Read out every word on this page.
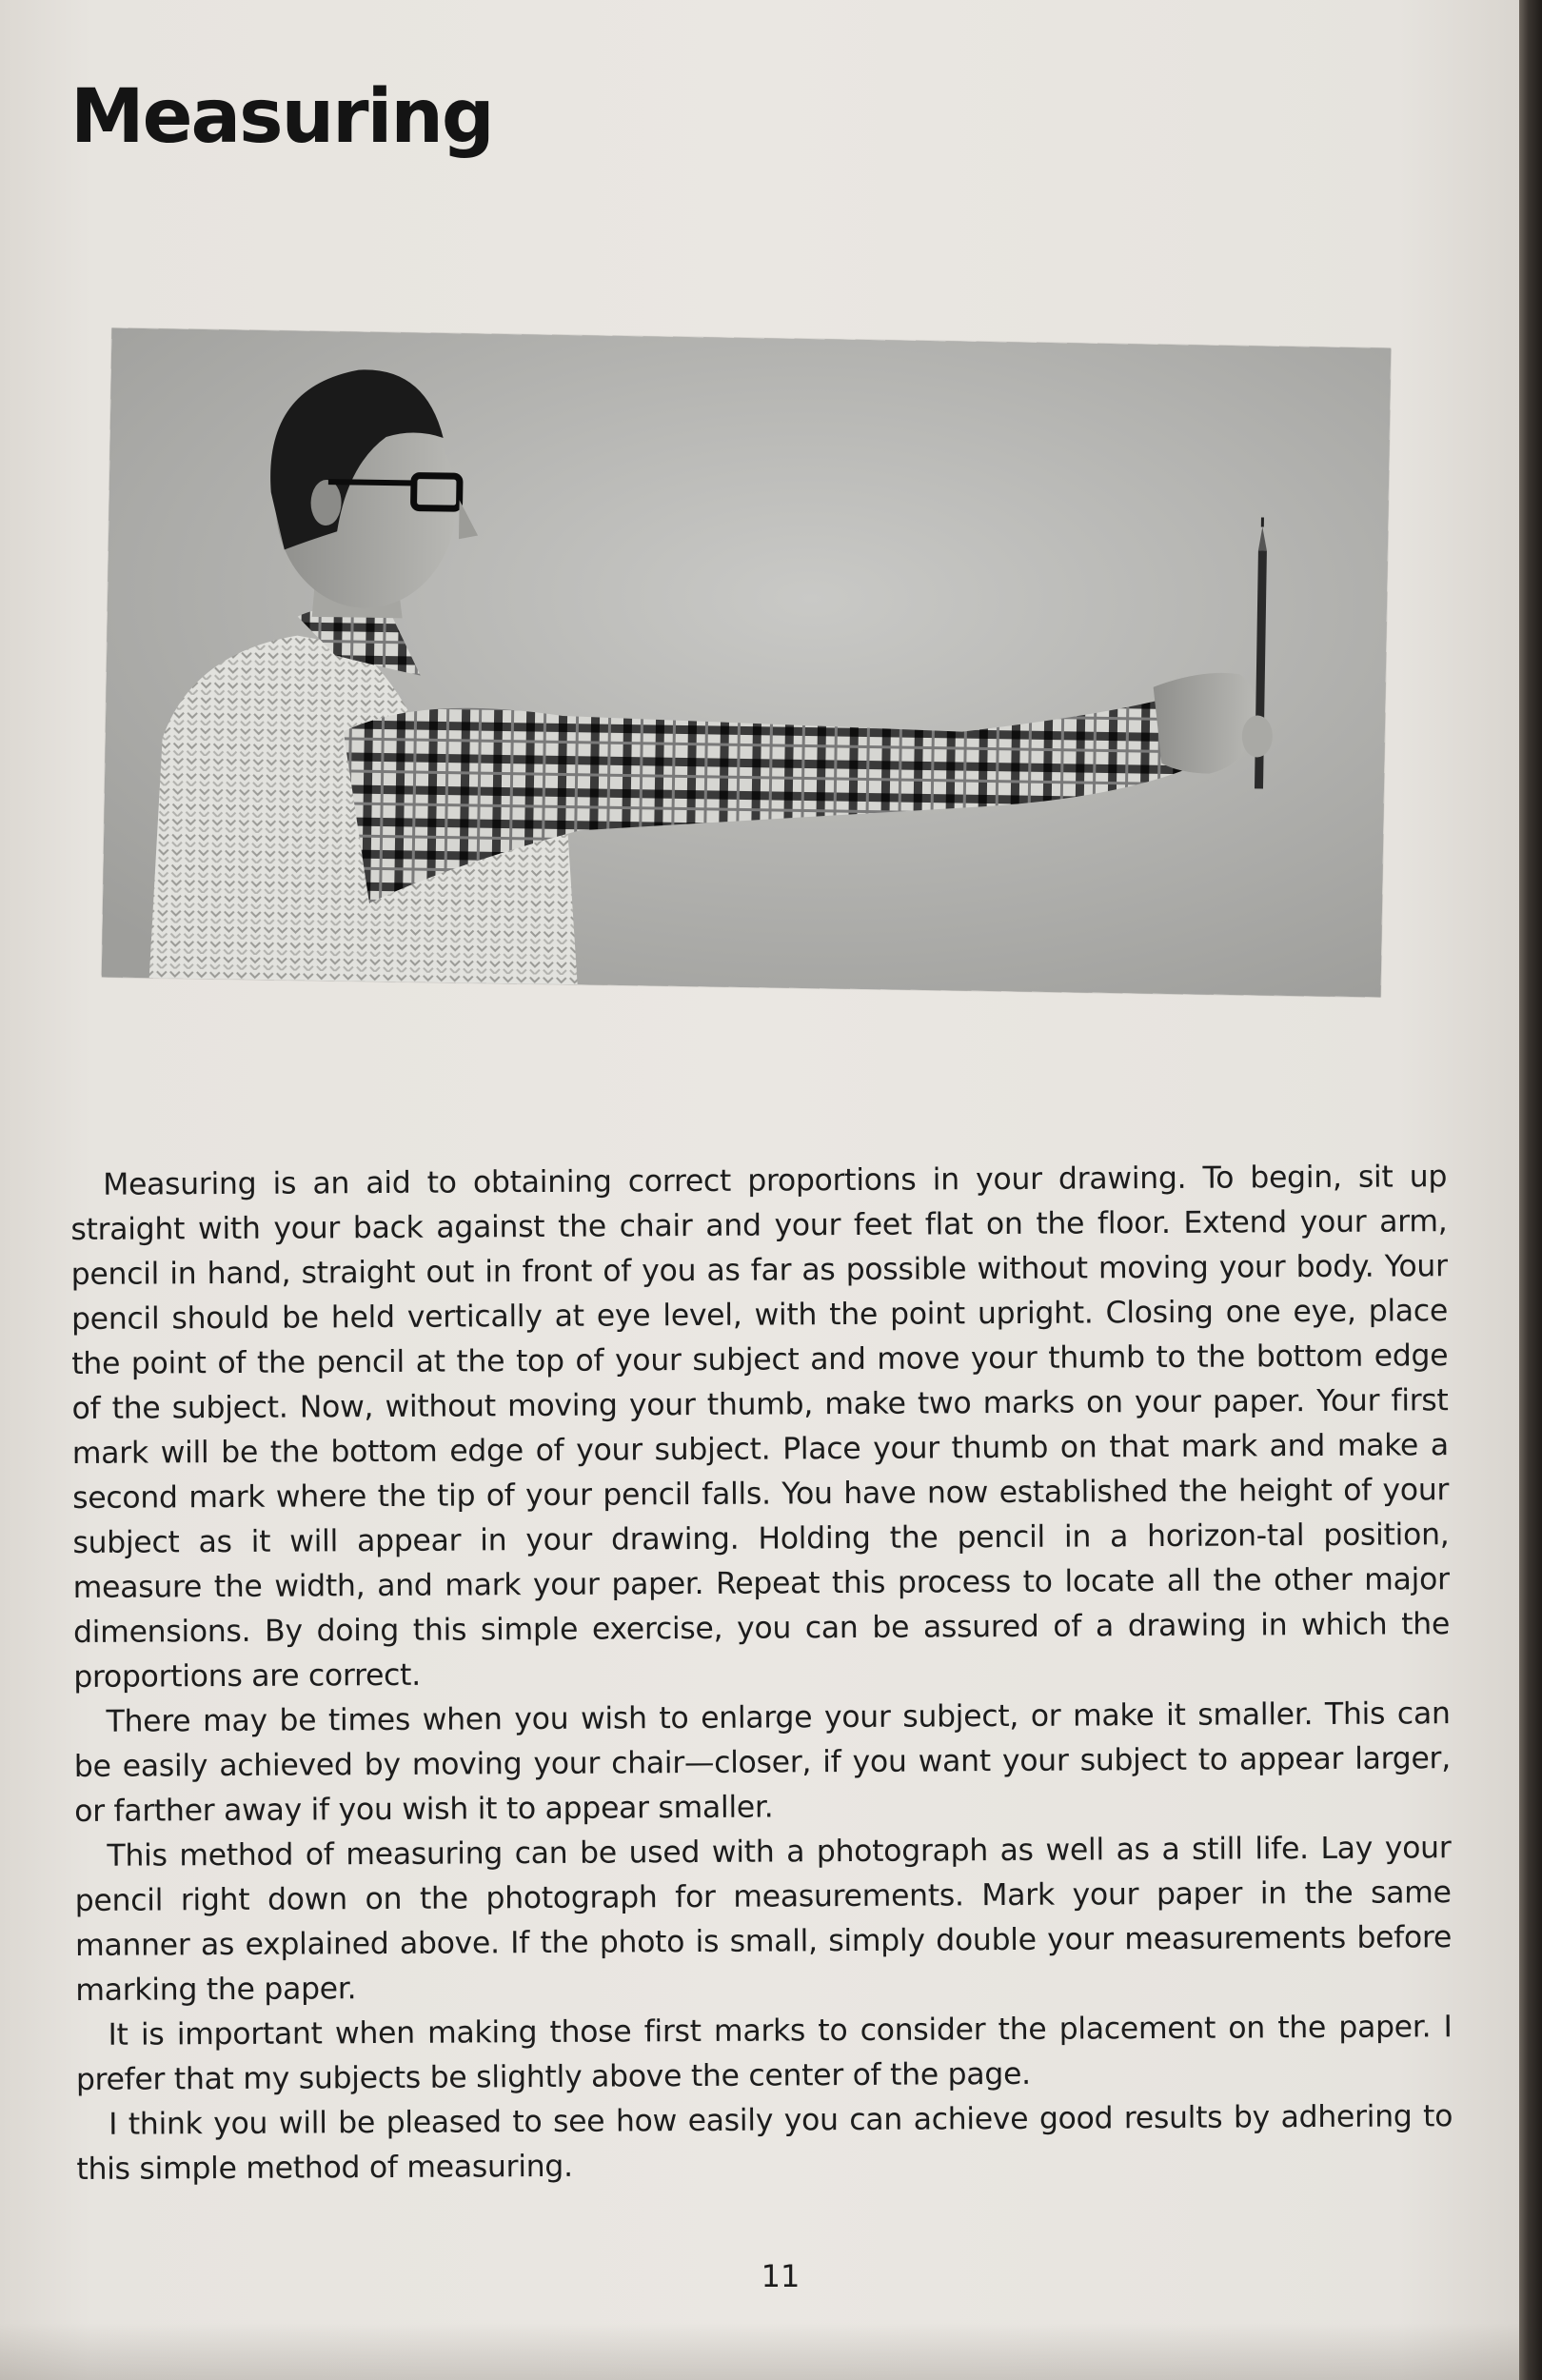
Measuring

Measuring is an aid to obtaining correct proportions in your drawing. To begin, sit up straight with your back against the chair and your feet flat on the floor. Extend your arm, pencil in hand, straight out in front of you as far as possible without moving your body. Your pencil should be held vertically at eye level, with the point upright. Closing one eye, place the point of the pencil at the top of your subject and move your thumb to the bottom edge of the subject. Now, without moving your thumb, make two marks on your paper. Your first mark will be the bottom edge of your subject. Place your thumb on that mark and make a second mark where the tip of your pencil falls. You have now established the height of your subject as it will appear in your drawing. Holding the pencil in a horizon-tal position, measure the width, and mark your paper. Repeat this process to locate all the other major dimensions. By doing this simple exercise, you can be assured of a drawing in which the proportions are correct.

There may be times when you wish to enlarge your subject, or make it smaller. This can be easily achieved by moving your chair—closer, if you want your subject to appear larger, or farther away if you wish it to appear smaller.

This method of measuring can be used with a photograph as well as a still life. Lay your pencil right down on the photograph for measurements. Mark your paper in the same manner as explained above. If the photo is small, simply double your measurements before marking the paper.

It is important when making those first marks to consider the placement on the paper. I prefer that my subjects be slightly above the center of the page.

I think you will be pleased to see how easily you can achieve good results by adhering to this simple method of measuring.

11
